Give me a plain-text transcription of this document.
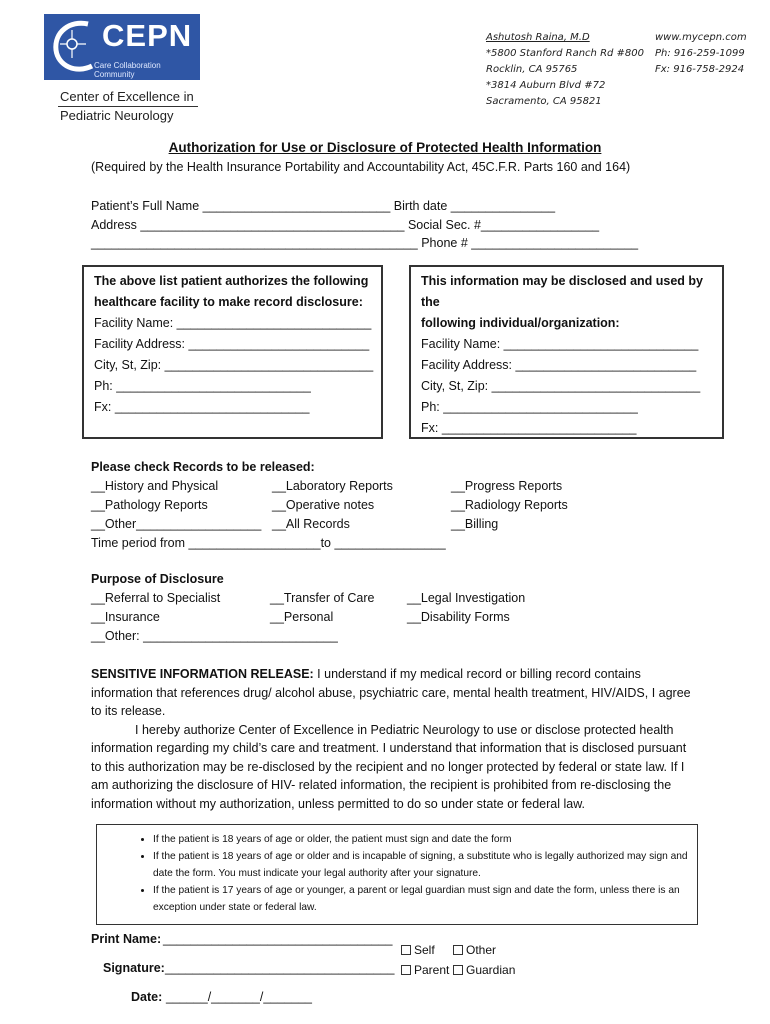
CEPN
Care Collaboration Community
Center of Excellence in
Pediatric Neurology
Ashutosh Raina, M.D
*5800 Stanford Ranch Rd #800
Rocklin, CA 95765
*3814 Auburn Blvd #72
Sacramento, CA 95821
www.mycepn.com
Ph: 916-259-1099
Fx: 916-758-2924
Authorization for Use or Disclosure of Protected Health Information
(Required by the Health Insurance Portability and Accountability Act, 45C.F.R. Parts 160 and 164)
Patient’s Full Name ___________________________ Birth date _______________
Address ______________________________________ Social Sec. #_________________
_______________________________________________ Phone # ________________________

The above list patient authorizes the following

healthcare facility to make record disclosure:

Facility Name: ____________________________

Facility Address: __________________________

City, St, Zip: ______________________________

Ph: ____________________________

Fx: ____________________________

This information may be disclosed and used by the

following individual/organization:

Facility Name: ____________________________

Facility Address: __________________________

City, St, Zip: ______________________________

Ph: ____________________________

Fx: ____________________________

Please check Records to be released:
__History and Physical
__Pathology Reports
__Other__________________
__Laboratory Reports
__Operative notes
__All Records
__Progress Reports
__Radiology Reports
__Billing
Time period from ___________________to ________________
Purpose of Disclosure
__Referral to Specialist
__Insurance
__Other: ____________________________
__Transfer of Care
__Personal
__Legal Investigation
__Disability Forms

SENSITIVE INFORMATION RELEASE: I understand if my medical record or billing record contains information that references drug/ alcohol abuse, psychiatric care, mental health treatment, HIV/AIDS, I agree to its release.

I hereby authorize Center of Excellence in Pediatric Neurology to use or disclose protected health information regarding my child’s care and treatment. I understand that information that is disclosed pursuant to this authorization may be re-disclosed by the recipient and no longer protected by federal or state law. If I am authorizing the disclosure of HIV- related information, the recipient is prohibited from re-disclosing the information without my authorization, unless permitted to do so under state or federal law.

• If the patient is 18 years of age or older, the patient must sign and date the form
• If the patient is 18 years of age or older and is incapable of signing, a substitute who is legally authorized may sign and date the form. You must indicate your legal authority after your signature.
• If the patient is 17 years of age or younger, a parent or legal guardian must sign and date the form, unless there is an exception under state or federal law.
Print Name: _________________________________
Signature: _________________________________
Date: ______/_______/_______
Self	Other
Parent	Guardian
